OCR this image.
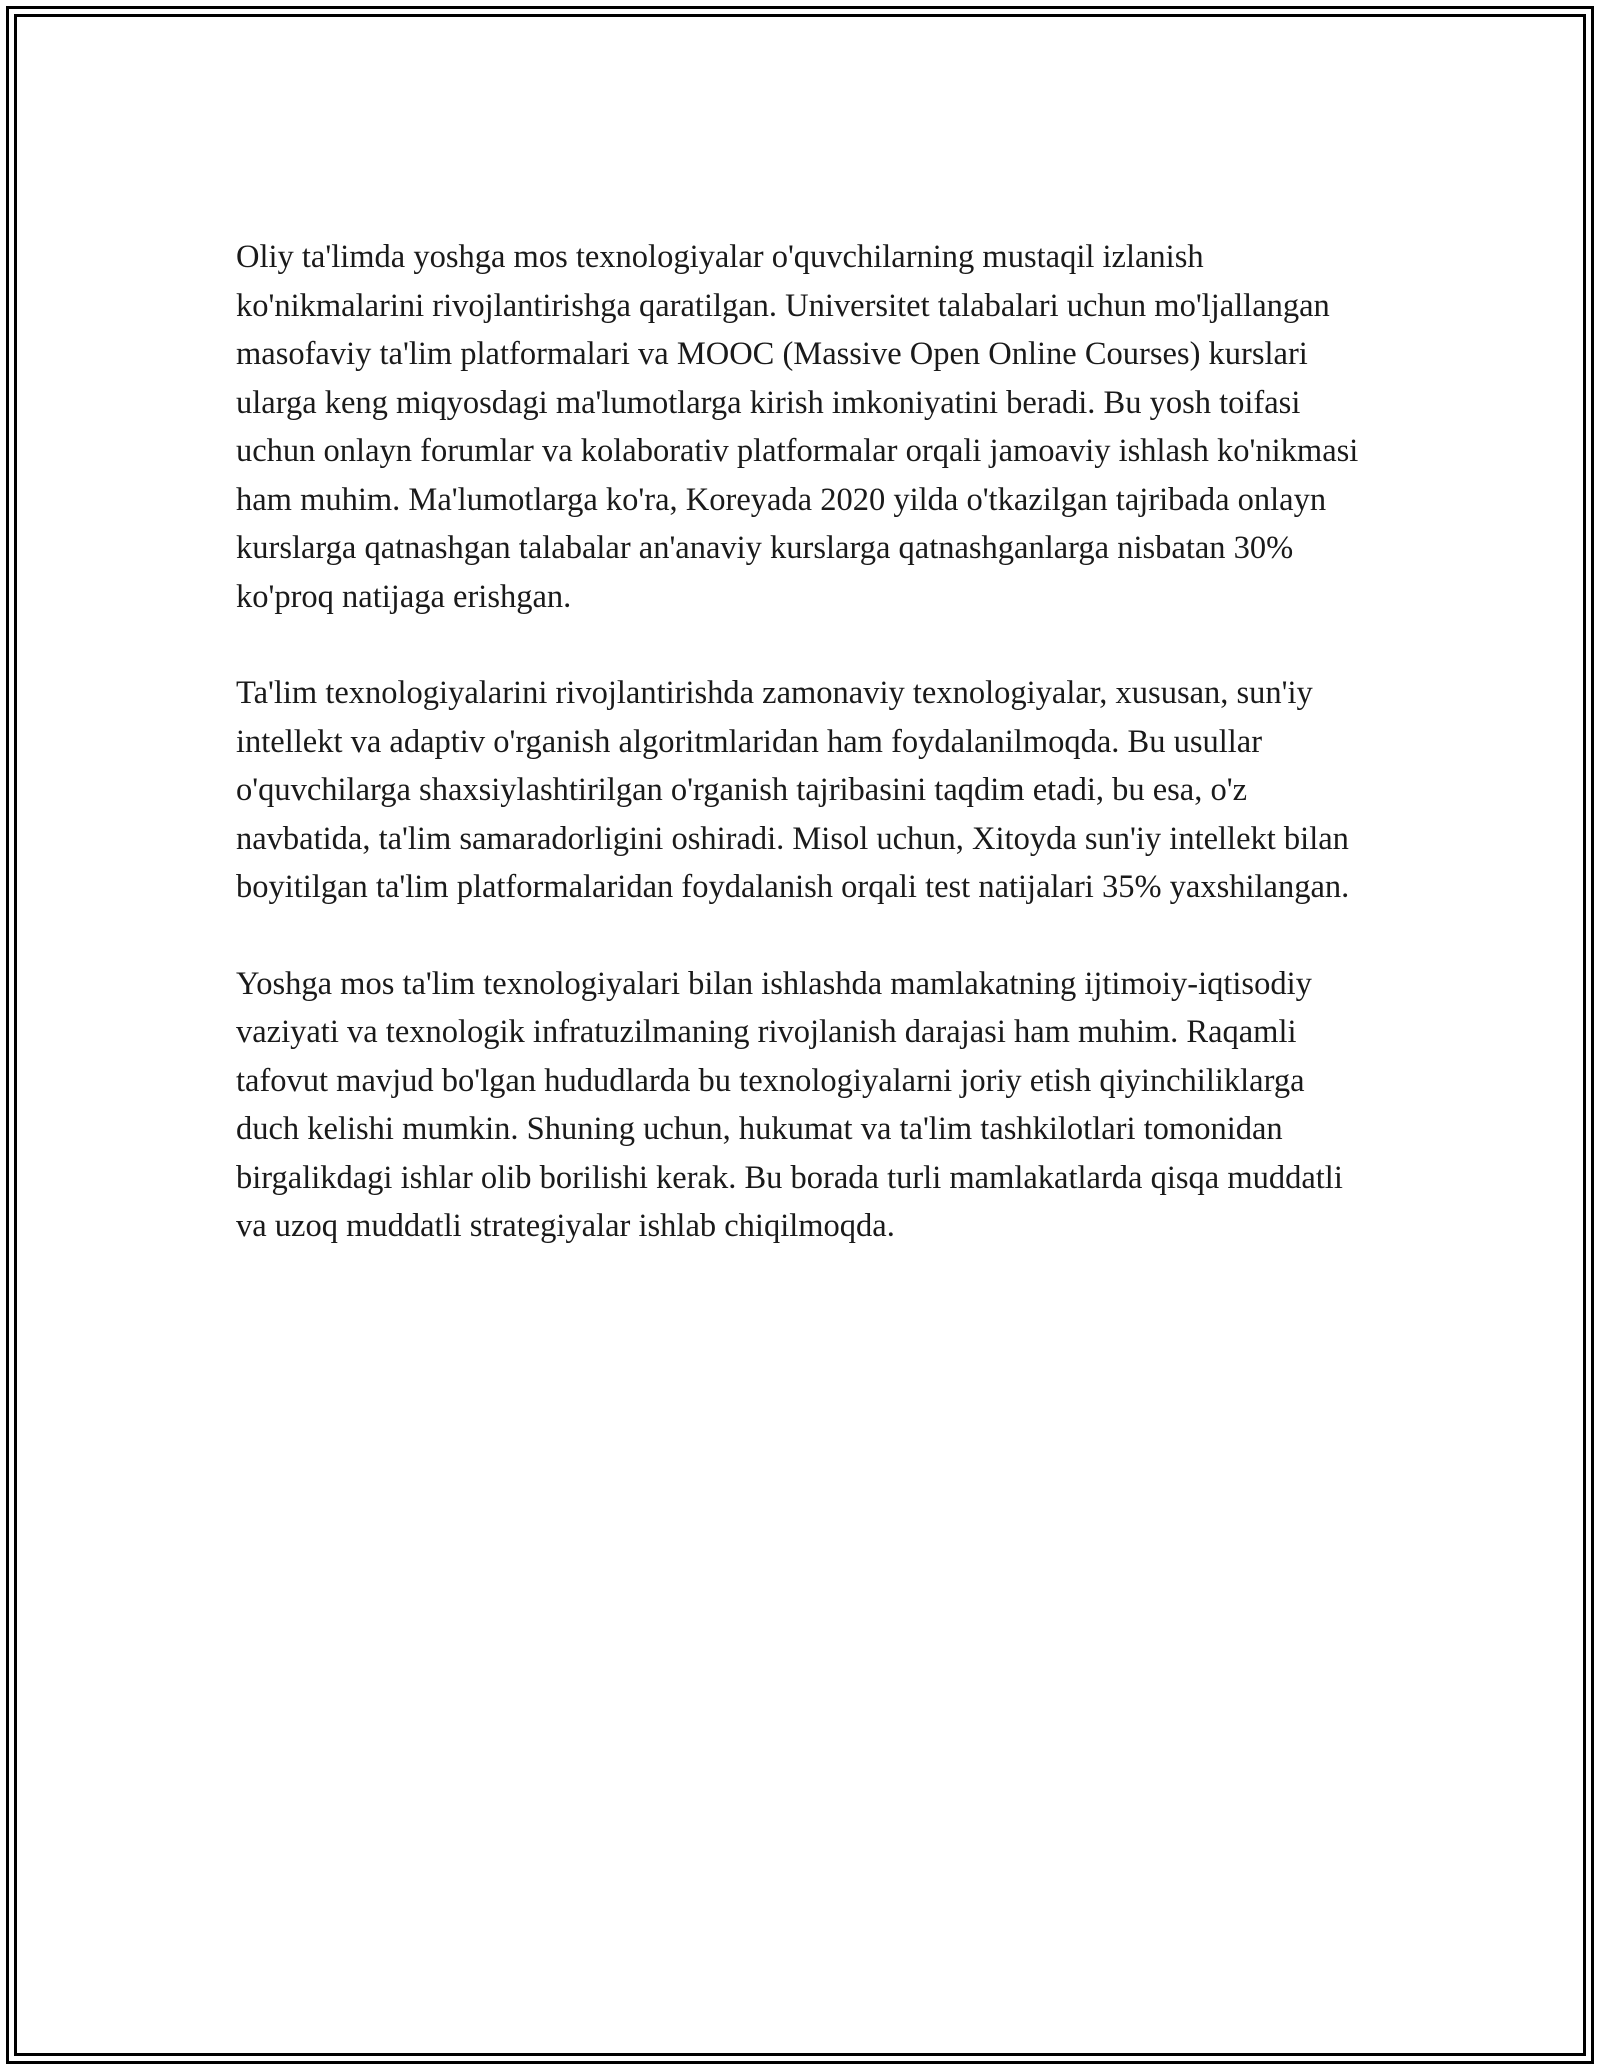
Oliy ta'limda yoshga mos texnologiyalar o'quvchilarning mustaqil izlanish ko'nikmalarini rivojlantirishga qaratilgan. Universitet talabalari uchun mo'ljallangan masofaviy ta'lim platformalari va MOOC (Massive Open Online Courses) kurslari ularga keng miqyosdagi ma'lumotlarga kirish imkoniyatini beradi. Bu yosh toifasi uchun onlayn forumlar va kolaborativ platformalar orqali jamoaviy ishlash ko'nikmasi ham muhim. Ma'lumotlarga ko'ra, Koreyada 2020 yilda o'tkazilgan tajribada onlayn kurslarga qatnashgan talabalar an'anaviy kurslarga qatnashganlarga nisbatan 30% ko'proq natijaga erishgan.

Ta'lim texnologiyalarini rivojlantirishda zamonaviy texnologiyalar, xususan, sun'iy intellekt va adaptiv o'rganish algoritmlaridan ham foydalanilmoqda. Bu usullar o'quvchilarga shaxsiylashtirilgan o'rganish tajribasini taqdim etadi, bu esa, o'z navbatida, ta'lim samaradorligini oshiradi. Misol uchun, Xitoyda sun'iy intellekt bilan boyitilgan ta'lim platformalaridan foydalanish orqali test natijalari 35% yaxshilangan.

Yoshga mos ta'lim texnologiyalari bilan ishlashda mamlakatning ijtimoiy-iqtisodiy vaziyati va texnologik infratuzilmaning rivojlanish darajasi ham muhim. Raqamli tafovut mavjud bo'lgan hududlarda bu texnologiyalarni joriy etish qiyinchiliklarga duch kelishi mumkin. Shuning uchun, hukumat va ta'lim tashkilotlari tomonidan birgalikdagi ishlar olib borilishi kerak. Bu borada turli mamlakatlarda qisqa muddatli va uzoq muddatli strategiyalar ishlab chiqilmoqda.
